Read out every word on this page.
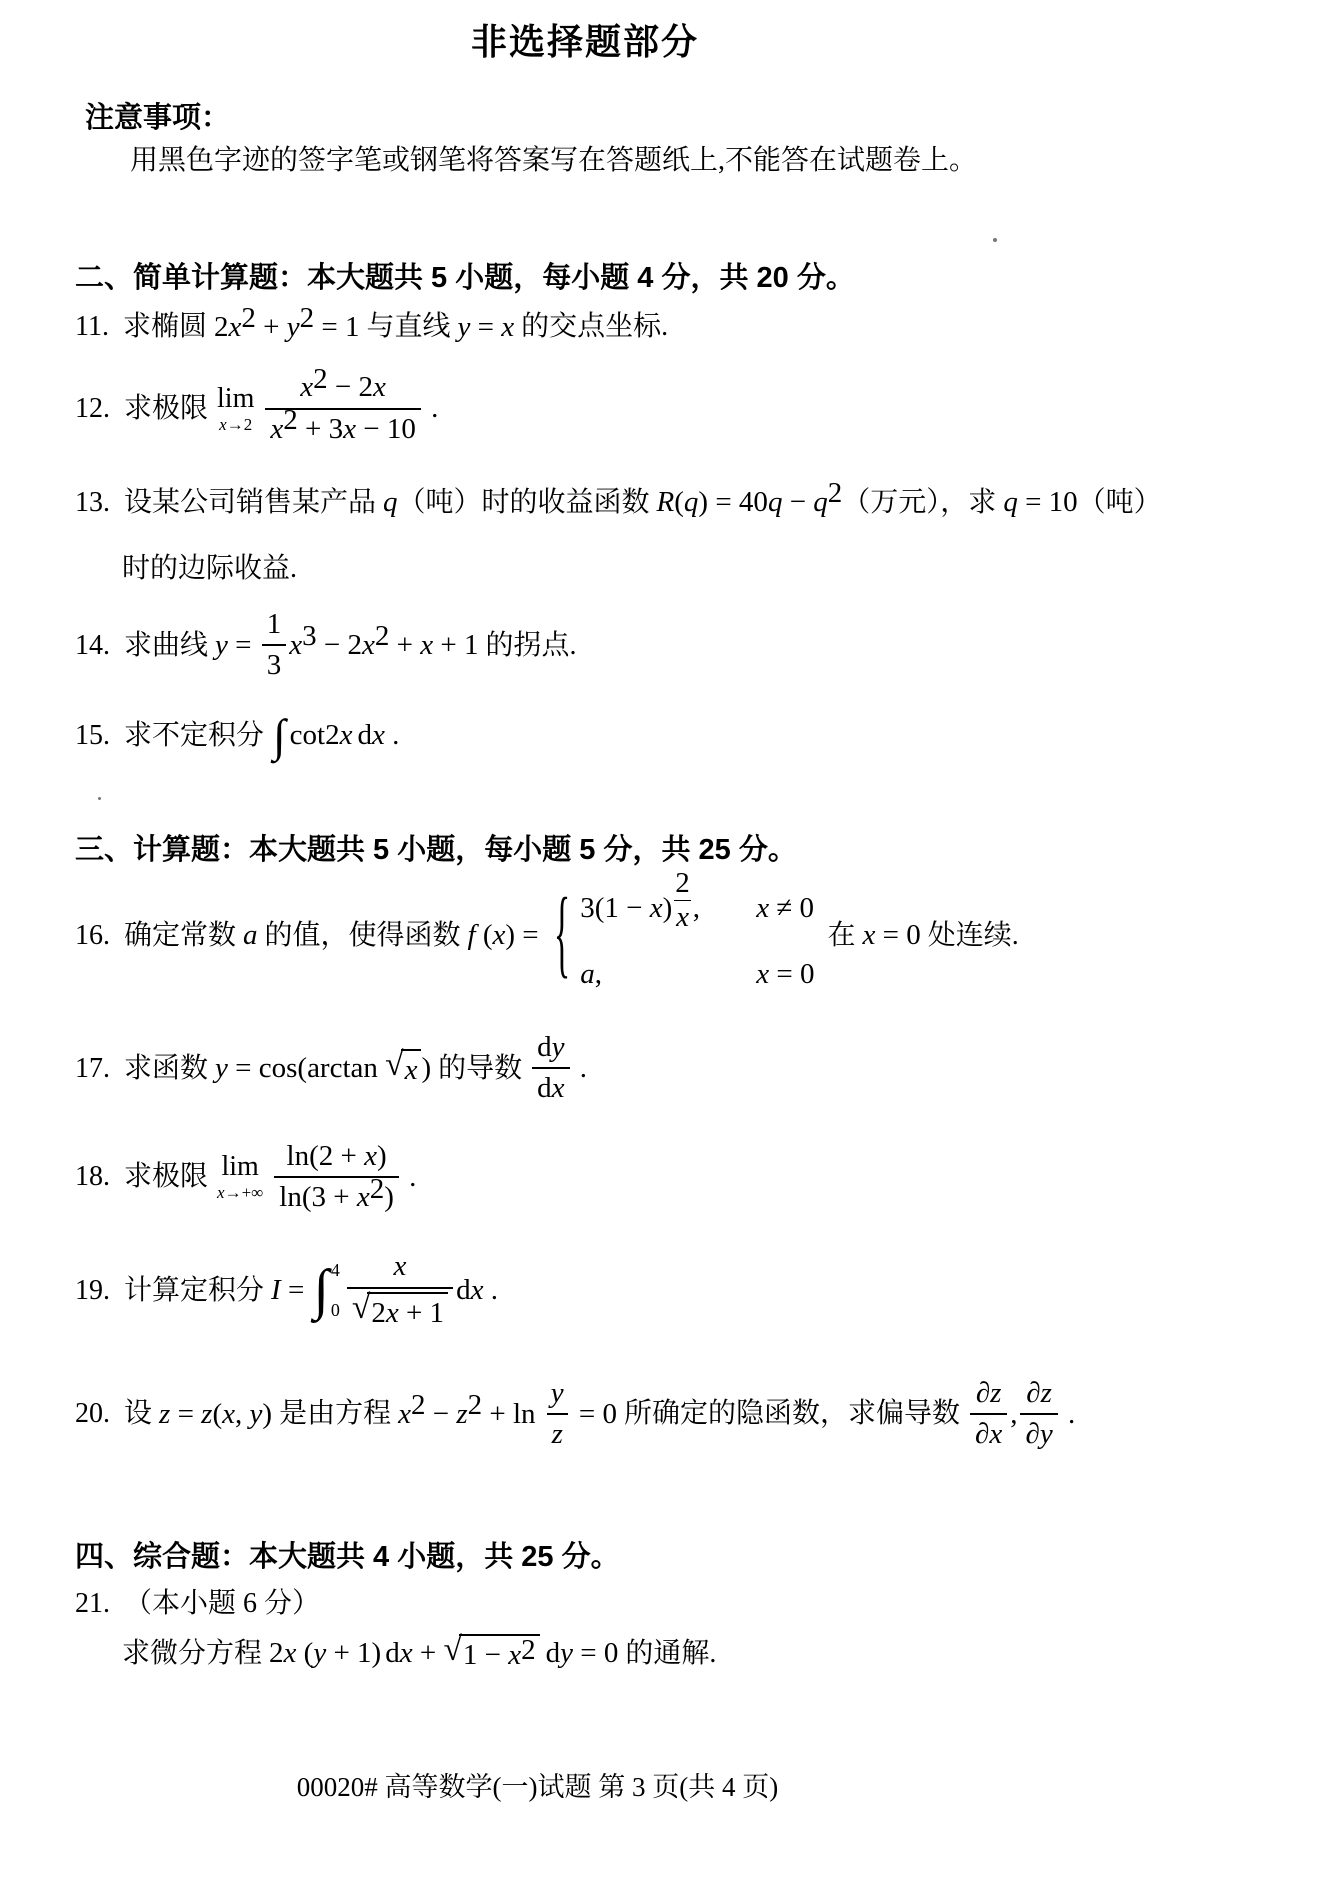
非选择题部分
注意事项：
用黑色字迹的签字笔或钢笔将答案写在答题纸上,不能答在试题卷上。
二、简单计算题：本大题共 5 小题，每小题 4 分，共 20 分。
11. 求椭圆 2x 2 + y 2 = 1 与直线 y = x 的交点坐标.
12. 求极限 lim
$x\to 2 \frac{x2 - 2x}{x2 + 3x - 10}$ .
13. 设某公司销售某产品 q （吨）时的收益函数 R(q) = 40q − q 2 （万元），求 q = 10 （吨）
时的边际收益.
14. 求曲线 $y = \frac{1}{3}$ x 3 − 2x 2 + x + 1 的拐点.
15. 求不定积分 ∫ cot 2x d x .
三、计算题：本大题共 5 小题，每小题 5 分，共 25 分。
16. 确定常数 a 的值，使得函数 f (x) = { $3(1 - x) \frac{2}{x}$ , x ≠ 0
a,	x = 0
在 x = 0 处连续.
17. 求函数 y = cos(arctan √ x ) 的导数 $\frac{dy}{dx}$ .
18. 求极限 lim
$x\to+\infty \frac{\ln(2 + x)}{\ln(3 + x2)}$ .
19. 计算定积分 I = ∫ 4
$0 \frac{x}{√ 2x + 1}$ d x .
20. 设 z = z(x, y) 是由方程 x 2 − z $2 + \ln \frac{y}{z} = 0$ 所确定的隐函数，求偏导数 $\frac{\partial z}{\partial x}$ , $\frac{\partial z}{\partial y}$ .
四、综合题：本大题共 4 小题，共 25 分。
21. （本小题 6 分）
求微分方程 2x (y + 1) d x + √ 1 − x2 d y = 0 的通解.
00020# 高等数学(一)试题 第 3 页(共 4 页)
